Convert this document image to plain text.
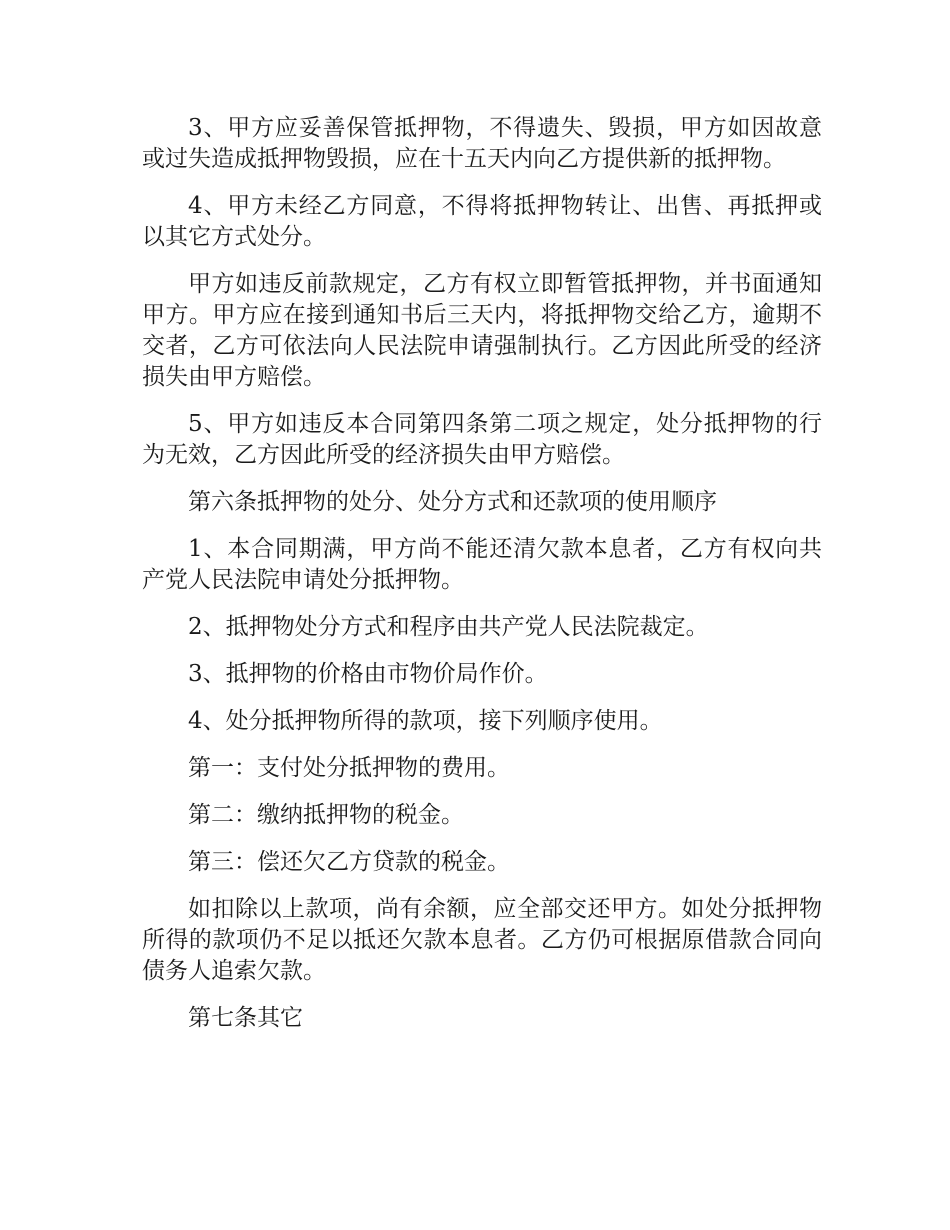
3、甲方应妥善保管抵押物，不得遗失、毁损，甲方如因故意或过失造成抵押物毁损，应在十五天内向乙方提供新的抵押物。

4、甲方未经乙方同意，不得将抵押物转让、出售、再抵押或以其它方式处分。

甲方如违反前款规定，乙方有权立即暂管抵押物，并书面通知甲方。甲方应在接到通知书后三天内，将抵押物交给乙方，逾期不交者，乙方可依法向人民法院申请强制执行。乙方因此所受的经济损失由甲方赔偿。

5、甲方如违反本合同第四条第二项之规定，处分抵押物的行为无效，乙方因此所受的经济损失由甲方赔偿。

第六条抵押物的处分、处分方式和还款项的使用顺序

1、本合同期满，甲方尚不能还清欠款本息者，乙方有权向共产党人民法院申请处分抵押物。

2、抵押物处分方式和程序由共产党人民法院裁定。

3、抵押物的价格由市物价局作价。

4、处分抵押物所得的款项，接下列顺序使用。

第一：支付处分抵押物的费用。

第二：缴纳抵押物的税金。

第三：偿还欠乙方贷款的税金。

如扣除以上款项，尚有余额，应全部交还甲方。如处分抵押物所得的款项仍不足以抵还欠款本息者。乙方仍可根据原借款合同向债务人追索欠款。

第七条其它
